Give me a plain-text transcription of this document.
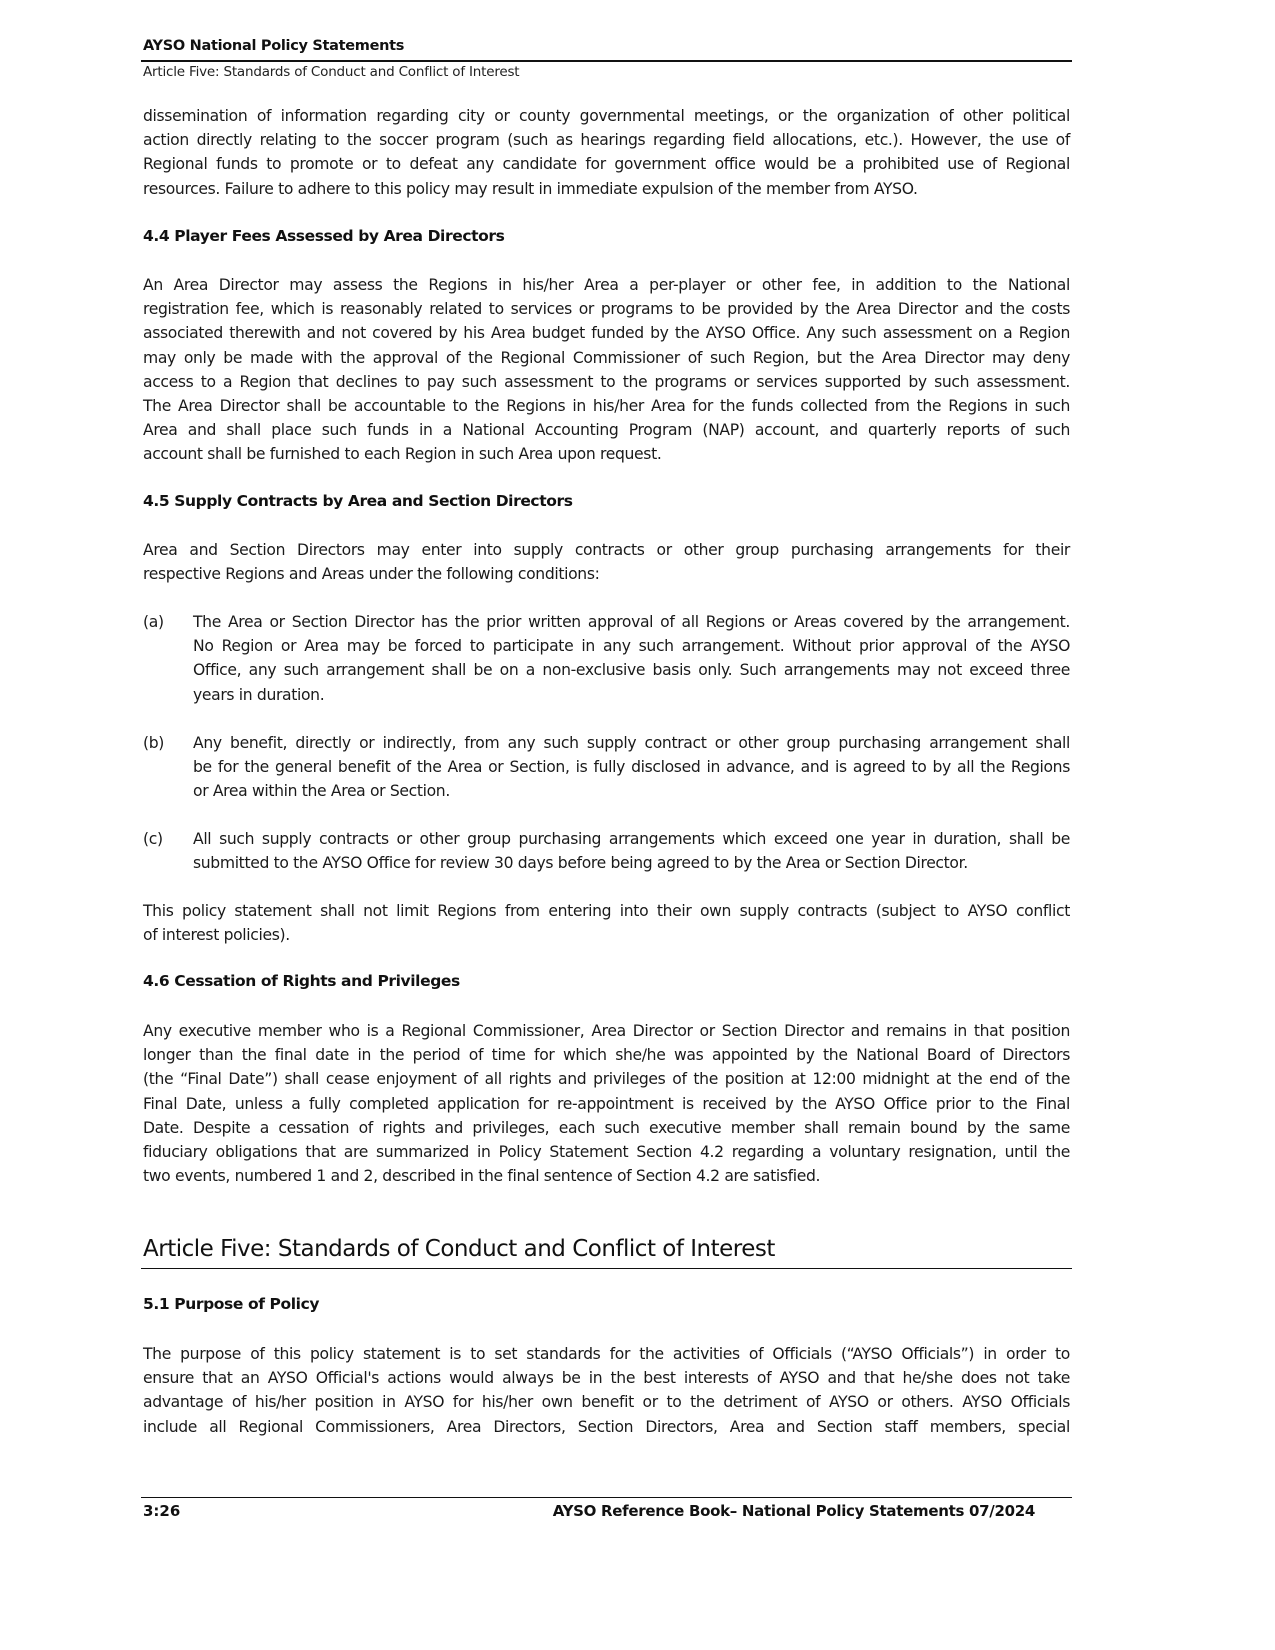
AYSO National Policy Statements
Article Five: Standards of Conduct and Conflict of Interest
dissemination of information regarding city or county governmental meetings, or the organization of other political
action directly relating to the soccer program (such as hearings regarding field allocations, etc.). However, the use of
Regional funds to promote or to defeat any candidate for government office would be a prohibited use of Regional
resources. Failure to adhere to this policy may result in immediate expulsion of the member from AYSO.
4.4 Player Fees Assessed by Area Directors
An Area Director may assess the Regions in his/her Area a per-player or other fee, in addition to the National
registration fee, which is reasonably related to services or programs to be provided by the Area Director and the costs
associated therewith and not covered by his Area budget funded by the AYSO Office. Any such assessment on a Region
may only be made with the approval of the Regional Commissioner of such Region, but the Area Director may deny
access to a Region that declines to pay such assessment to the programs or services supported by such assessment.
The Area Director shall be accountable to the Regions in his/her Area for the funds collected from the Regions in such
Area and shall place such funds in a National Accounting Program (NAP) account, and quarterly reports of such
account shall be furnished to each Region in such Area upon request.
4.5 Supply Contracts by Area and Section Directors
Area and Section Directors may enter into supply contracts or other group purchasing arrangements for their
respective Regions and Areas under the following conditions:
(a) The Area or Section Director has the prior written approval of all Regions or Areas covered by the arrangement.
No Region or Area may be forced to participate in any such arrangement. Without prior approval of the AYSO
Office, any such arrangement shall be on a non-exclusive basis only. Such arrangements may not exceed three
years in duration.
(b) Any benefit, directly or indirectly, from any such supply contract or other group purchasing arrangement shall
be for the general benefit of the Area or Section, is fully disclosed in advance, and is agreed to by all the Regions
or Area within the Area or Section.
(c) All such supply contracts or other group purchasing arrangements which exceed one year in duration, shall be
submitted to the AYSO Office for review 30 days before being agreed to by the Area or Section Director.
This policy statement shall not limit Regions from entering into their own supply contracts (subject to AYSO conflict
of interest policies).
4.6 Cessation of Rights and Privileges
Any executive member who is a Regional Commissioner, Area Director or Section Director and remains in that position
longer than the final date in the period of time for which she/he was appointed by the National Board of Directors
(the “Final Date”) shall cease enjoyment of all rights and privileges of the position at 12:00 midnight at the end of the
Final Date, unless a fully completed application for re-appointment is received by the AYSO Office prior to the Final
Date. Despite a cessation of rights and privileges, each such executive member shall remain bound by the same
fiduciary obligations that are summarized in Policy Statement Section 4.2 regarding a voluntary resignation, until the
two events, numbered 1 and 2, described in the final sentence of Section 4.2 are satisfied.
Article Five: Standards of Conduct and Conflict of Interest
5.1 Purpose of Policy
The purpose of this policy statement is to set standards for the activities of Officials (“AYSO Officials”) in order to
ensure that an AYSO Official's actions would always be in the best interests of AYSO and that he/she does not take
advantage of his/her position in AYSO for his/her own benefit or to the detriment of AYSO or others. AYSO Officials
include all Regional Commissioners, Area Directors, Section Directors, Area and Section staff members, special
3:26	AYSO Reference Book– National Policy Statements 07/2024
